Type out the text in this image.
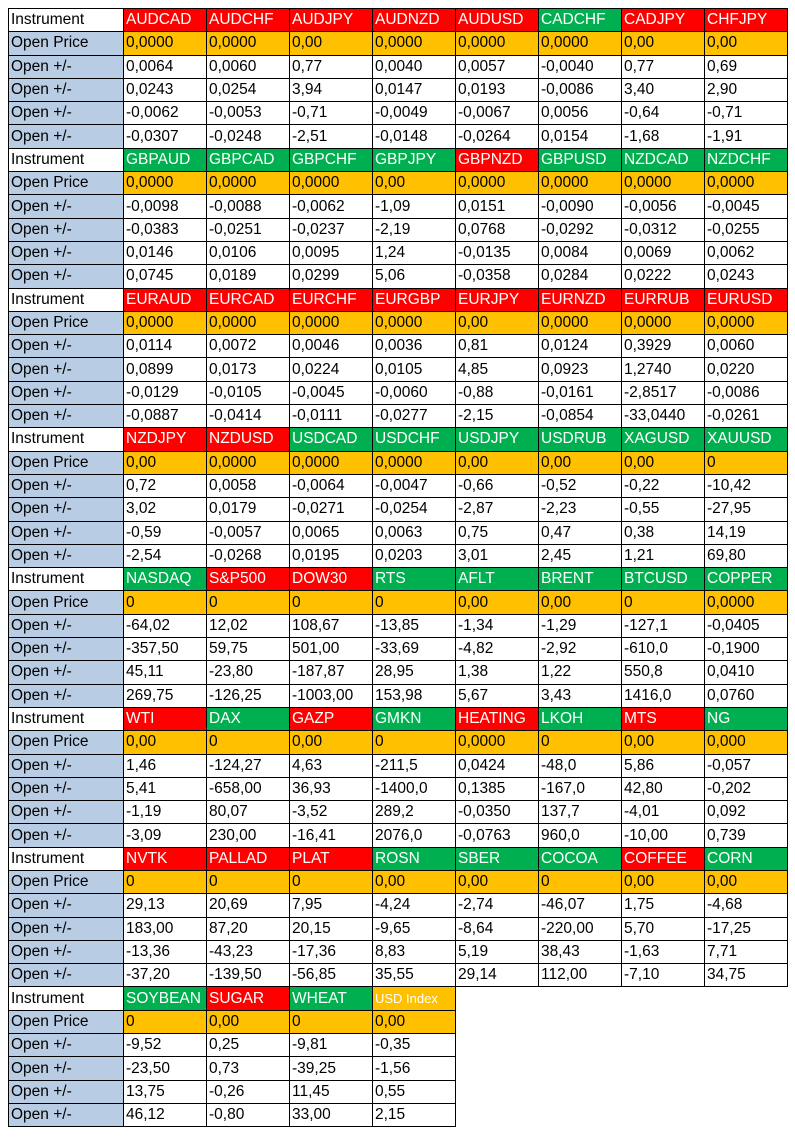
Instrument	AUDCAD	AUDCHF	AUDJPY	AUDNZD	AUDUSD	CADCHF	CADJPY	CHFJPY
Open Price	0,0000	0,0000	0,00	0,0000	0,0000	0,0000	0,00	0,00
Open +/-	0,0064	0,0060	0,77	0,0040	0,0057	-0,0040	0,77	0,69
Open +/-	0,0243	0,0254	3,94	0,0147	0,0193	-0,0086	3,40	2,90
Open +/-	-0,0062	-0,0053	-0,71	-0,0049	-0,0067	0,0056	-0,64	-0,71
Open +/-	-0,0307	-0,0248	-2,51	-0,0148	-0,0264	0,0154	-1,68	-1,91
Instrument	GBPAUD	GBPCAD	GBPCHF	GBPJPY	GBPNZD	GBPUSD	NZDCAD	NZDCHF
Open Price	0,0000	0,0000	0,0000	0,00	0,0000	0,0000	0,0000	0,0000
Open +/-	-0,0098	-0,0088	-0,0062	-1,09	0,0151	-0,0090	-0,0056	-0,0045
Open +/-	-0,0383	-0,0251	-0,0237	-2,19	0,0768	-0,0292	-0,0312	-0,0255
Open +/-	0,0146	0,0106	0,0095	1,24	-0,0135	0,0084	0,0069	0,0062
Open +/-	0,0745	0,0189	0,0299	5,06	-0,0358	0,0284	0,0222	0,0243
Instrument	EURAUD	EURCAD	EURCHF	EURGBP	EURJPY	EURNZD	EURRUB	EURUSD
Open Price	0,0000	0,0000	0,0000	0,0000	0,00	0,0000	0,0000	0,0000
Open +/-	0,0114	0,0072	0,0046	0,0036	0,81	0,0124	0,3929	0,0060
Open +/-	0,0899	0,0173	0,0224	0,0105	4,85	0,0923	1,2740	0,0220
Open +/-	-0,0129	-0,0105	-0,0045	-0,0060	-0,88	-0,0161	-2,8517	-0,0086
Open +/-	-0,0887	-0,0414	-0,0111	-0,0277	-2,15	-0,0854	-33,0440	-0,0261
Instrument	NZDJPY	NZDUSD	USDCAD	USDCHF	USDJPY	USDRUB	XAGUSD	XAUUSD
Open Price	0,00	0,0000	0,0000	0,0000	0,00	0,00	0,00	0
Open +/-	0,72	0,0058	-0,0064	-0,0047	-0,66	-0,52	-0,22	-10,42
Open +/-	3,02	0,0179	-0,0271	-0,0254	-2,87	-2,23	-0,55	-27,95
Open +/-	-0,59	-0,0057	0,0065	0,0063	0,75	0,47	0,38	14,19
Open +/-	-2,54	-0,0268	0,0195	0,0203	3,01	2,45	1,21	69,80
Instrument	NASDAQ	S&P500	DOW30	RTS	AFLT	BRENT	BTCUSD	COPPER
Open Price	0	0	0	0	0,00	0,00	0	0,0000
Open +/-	-64,02	12,02	108,67	-13,85	-1,34	-1,29	-127,1	-0,0405
Open +/-	-357,50	59,75	501,00	-33,69	-4,82	-2,92	-610,0	-0,1900
Open +/-	45,11	-23,80	-187,87	28,95	1,38	1,22	550,8	0,0410
Open +/-	269,75	-126,25	-1003,00	153,98	5,67	3,43	1416,0	0,0760
Instrument	WTI	DAX	GAZP	GMKN	HEATING	LKOH	MTS	NG
Open Price	0,00	0	0,00	0	0,0000	0	0,00	0,000
Open +/-	1,46	-124,27	4,63	-211,5	0,0424	-48,0	5,86	-0,057
Open +/-	5,41	-658,00	36,93	-1400,0	0,1385	-167,0	42,80	-0,202
Open +/-	-1,19	80,07	-3,52	289,2	-0,0350	137,7	-4,01	0,092
Open +/-	-3,09	230,00	-16,41	2076,0	-0,0763	960,0	-10,00	0,739
Instrument	NVTK	PALLAD	PLAT	ROSN	SBER	COCOA	COFFEE	CORN
Open Price	0	0	0	0,00	0,00	0	0,00	0,00
Open +/-	29,13	20,69	7,95	-4,24	-2,74	-46,07	1,75	-4,68
Open +/-	183,00	87,20	20,15	-9,65	-8,64	-220,00	5,70	-17,25
Open +/-	-13,36	-43,23	-17,36	8,83	5,19	38,43	-1,63	7,71
Open +/-	-37,20	-139,50	-56,85	35,55	29,14	112,00	-7,10	34,75
Instrument	SOYBEAN	SUGAR	WHEAT	USD Index				
Open Price	0	0,00	0	0,00				
Open +/-	-9,52	0,25	-9,81	-0,35				
Open +/-	-23,50	0,73	-39,25	-1,56				
Open +/-	13,75	-0,26	11,45	0,55				
Open +/-	46,12	-0,80	33,00	2,15				
